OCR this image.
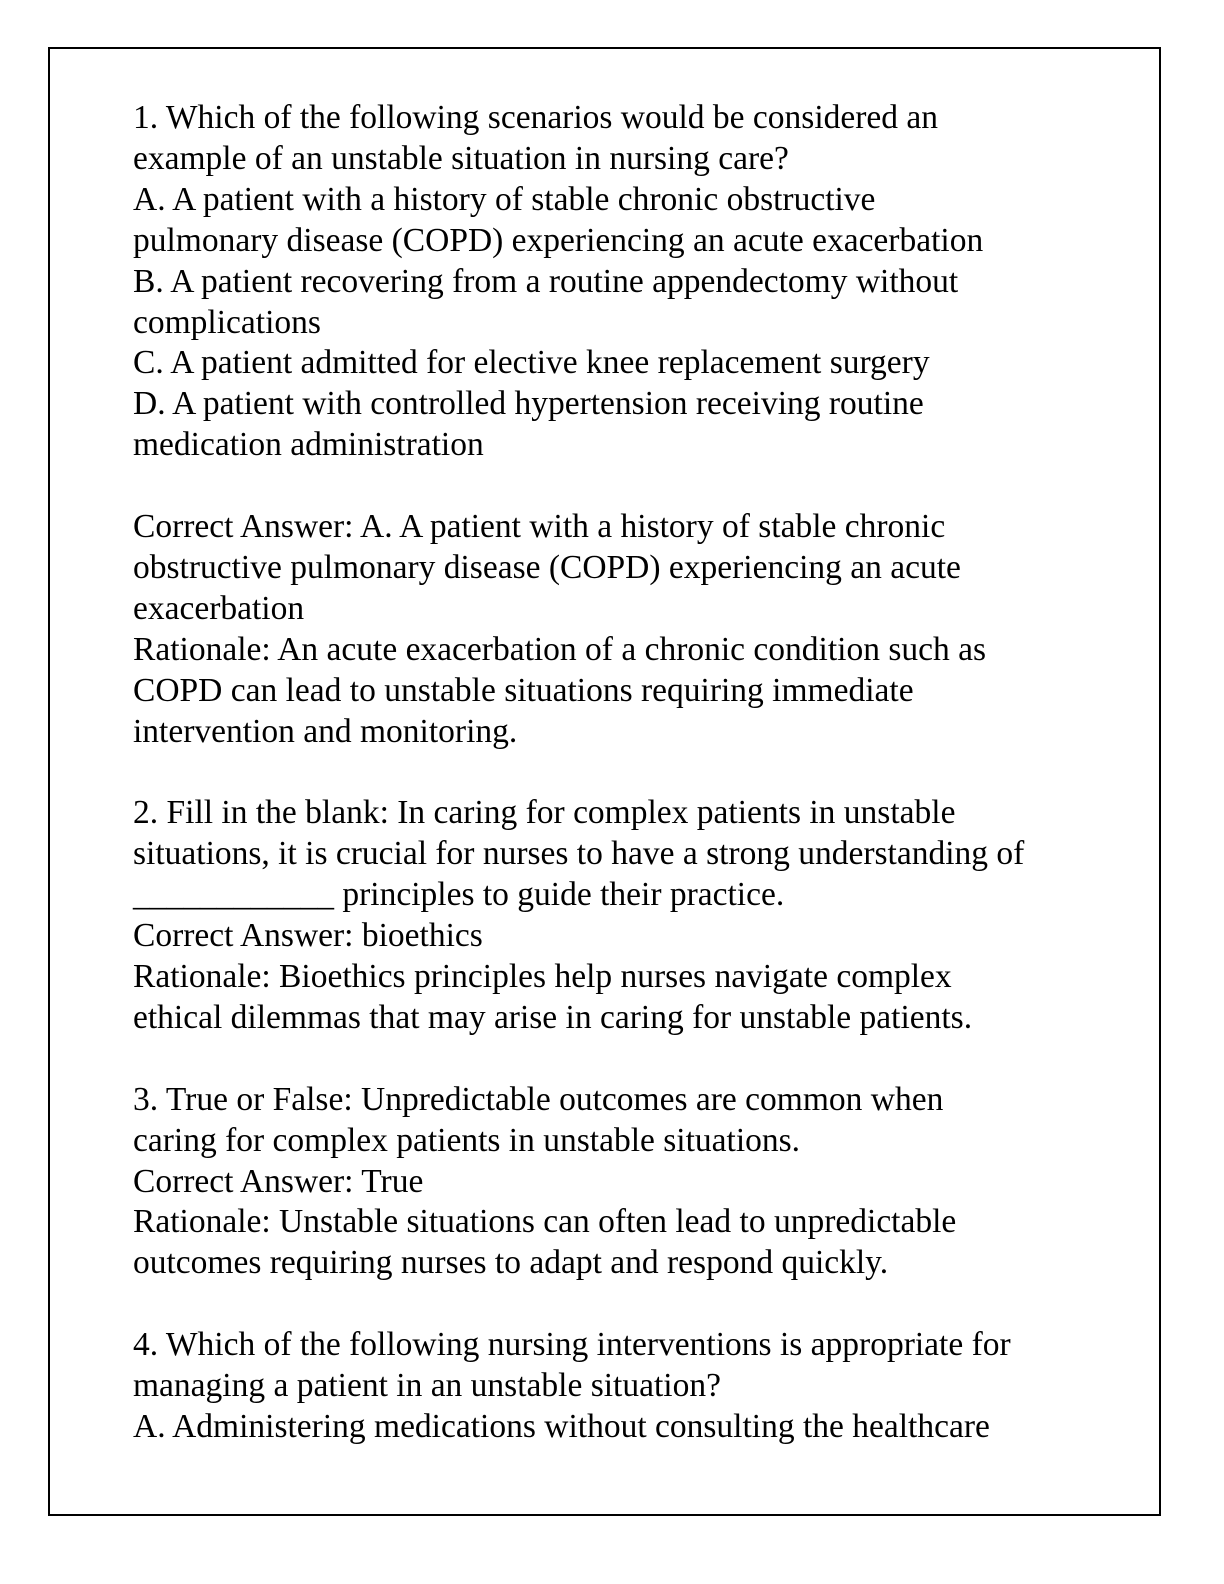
1. Which of the following scenarios would be considered an
example of an unstable situation in nursing care?
A. A patient with a history of stable chronic obstructive
pulmonary disease (COPD) experiencing an acute exacerbation
B. A patient recovering from a routine appendectomy without
complications
C. A patient admitted for elective knee replacement surgery
D. A patient with controlled hypertension receiving routine
medication administration
Correct Answer: A. A patient with a history of stable chronic
obstructive pulmonary disease (COPD) experiencing an acute
exacerbation
Rationale: An acute exacerbation of a chronic condition such as
COPD can lead to unstable situations requiring immediate
intervention and monitoring.
2. Fill in the blank: In caring for complex patients in unstable
situations, it is crucial for nurses to have a strong understanding of
____________ principles to guide their practice.
Correct Answer: bioethics
Rationale: Bioethics principles help nurses navigate complex
ethical dilemmas that may arise in caring for unstable patients.
3. True or False: Unpredictable outcomes are common when
caring for complex patients in unstable situations.
Correct Answer: True
Rationale: Unstable situations can often lead to unpredictable
outcomes requiring nurses to adapt and respond quickly.
4. Which of the following nursing interventions is appropriate for
managing a patient in an unstable situation?
A. Administering medications without consulting the healthcare
